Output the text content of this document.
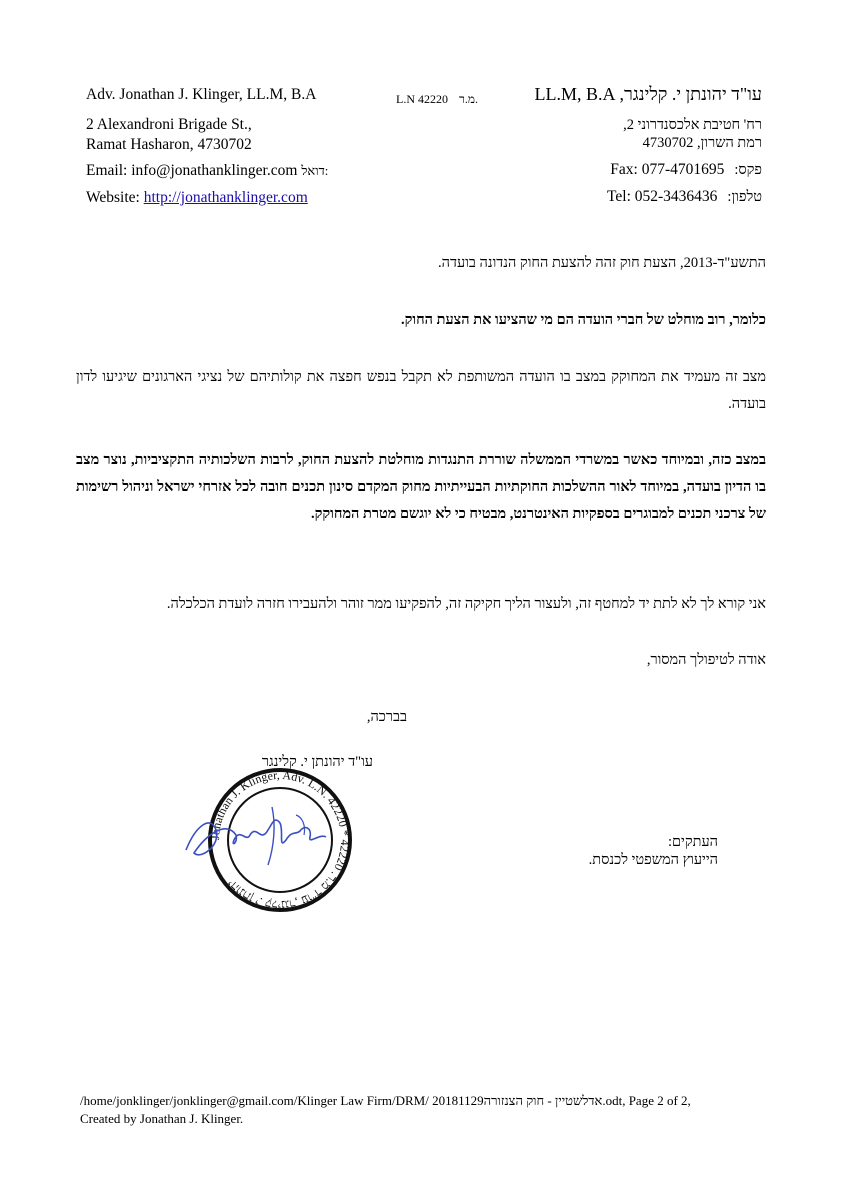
Adv. Jonathan J. Klinger, LL.M, B.A
2 Alexandroni Brigade St.,
Ramat Hasharon, 4730702
Email: info@jonathanklinger.com דואל:
Website: http://jonathanklinger.com
L.N 42220 מ.ר.	עו"ד יהונתן י. קלינגר, LL.M, B.A
רח' חטיבת אלכסנדרוני 2,
רמת השרון, 4730702
פקס: Fax: 077-4701695
טלפון: Tel: 052-3436436
התשע"ד-2013, הצעת חוק זהה להצעת החוק הנדונה בועדה.
כלומר, רוב מוחלט של חברי הועדה הם מי שהציעו את הצעת החוק.
מצב זה מעמיד את המחוקק במצב בו הועדה המשותפת לא תקבל בנפש חפצה את קולותיהם של נציגי הארגונים שיגיעו לדון בועדה.
במצב כזה, ובמיוחד כאשר במשרדי הממשלה שוררת התנגדות מוחלטת להצעת החוק, לרבות השלכותיה התקציביות, נוצר מצב בו הדיון בועדה, במיוחד לאור ההשלכות החוקתיות הבעייתיות מחוק המקדם סינון תכנים חובה לכל אזרחי ישראל וניהול רשימות של צרכני תכנים למבוגרים בספקיות האינטרנט, מבטיח כי לא יוגשם מטרת המחוקק.
אני קורא לך לא לתת יד למחטף זה, ולעצור הליך חקיקה זה, להפקיעו ממר זוהר ולהעבירו חזרה לועדת הכלכלה.
אודה לטיפולך המסור,
בברכה,
עו"ד יהונתן י. קלינגר
Jonathan J. Klinger, Adv. L.N. 42220 * יהונתן י. קלינגר, עו"ד מ.ר. 42220
העתקים:
הייעוץ המשפטי לכנסת.
/home/jonklinger/jonklinger@gmail.com/Klinger Law Firm/DRM/ אדלשטיין - חוק הצנזורה20181129.odt, Page 2 of 2,
Created by Jonathan J. Klinger.
